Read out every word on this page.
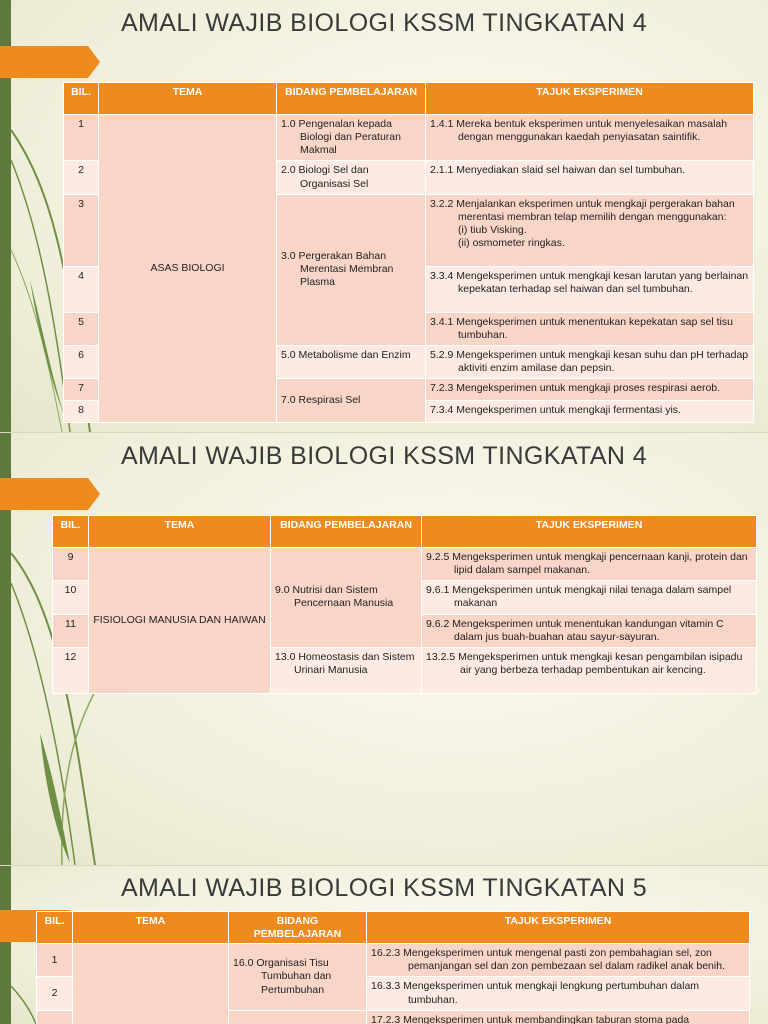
AMALI WAJIB BIOLOGI KSSM TINGKATAN 4
BIL.	TEMA	BIDANG PEMBELAJARAN	TAJUK EKSPERIMEN
1	ASAS BIOLOGI	1.0 Pengenalan kepada Biologi dan Peraturan Makmal	1.4.1 Mereka bentuk eksperimen untuk menyelesaikan masalah dengan menggunakan kaedah penyiasatan saintifik.

2		2.0 Biologi Sel dan Organisasi Sel	2.1.1 Menyediakan slaid sel haiwan dan sel tumbuhan.

3		3.0 Pergerakan Bahan Merentasi Membran Plasma	3.2.2 Menjalankan eksperimen untuk mengkaji pergerakan bahan merentasi membran telap memilih dengan menggunakan:
(i) tiub Visking.
(ii) osmometer ringkas.

4			3.3.4 Mengeksperimen untuk mengkaji kesan larutan yang berlainan kepekatan terhadap sel haiwan dan sel tumbuhan.

5			3.4.1 Mengeksperimen untuk menentukan kepekatan sap sel tisu tumbuhan.

6		5.0 Metabolisme dan Enzim	5.2.9 Mengeksperimen untuk mengkaji kesan suhu dan pH terhadap aktiviti enzim amilase dan pepsin.

7		7.0 Respirasi Sel	7.2.3 Mengeksperimen untuk mengkaji proses respirasi aerob.

8			7.3.4 Mengeksperimen untuk mengkaji fermentasi yis.
AMALI WAJIB BIOLOGI KSSM TINGKATAN 4
BIL.	TEMA	BIDANG PEMBELAJARAN	TAJUK EKSPERIMEN
9	FISIOLOGI MANUSIA DAN HAIWAN	9.0 Nutrisi dan Sistem Pencernaan Manusia	9.2.5 Mengeksperimen untuk mengkaji pencernaan kanji, protein dan lipid dalam sampel makanan.

10			9.6.1 Mengeksperimen untuk mengkaji nilai tenaga dalam sampel makanan

11			9.6.2 Mengeksperimen untuk menentukan kandungan vitamin C dalam jus buah-buahan atau sayur-sayuran.

12		13.0 Homeostasis dan Sistem Urinari Manusia	13.2.5 Mengeksperimen untuk mengkaji kesan pengambilan isipadu air yang berbeza terhadap pembentukan air kencing.
AMALI WAJIB BIOLOGI KSSM TINGKATAN 5
BIL.	TEMA	BIDANG PEMBELAJARAN	TAJUK EKSPERIMEN
1		16.0 Organisasi Tisu Tumbuhan dan Pertumbuhan	16.2.3 Mengeksperimen untuk mengenal pasti zon pembahagian sel, zon pemanjangan sel dan zon pembezaan sel dalam radikel anak benih.

2			16.3.3 Mengeksperimen untuk mengkaji lengkung pertumbuhan dalam tumbuhan.

			17.2.3 Mengeksperimen untuk membandingkan taburan stoma pada
